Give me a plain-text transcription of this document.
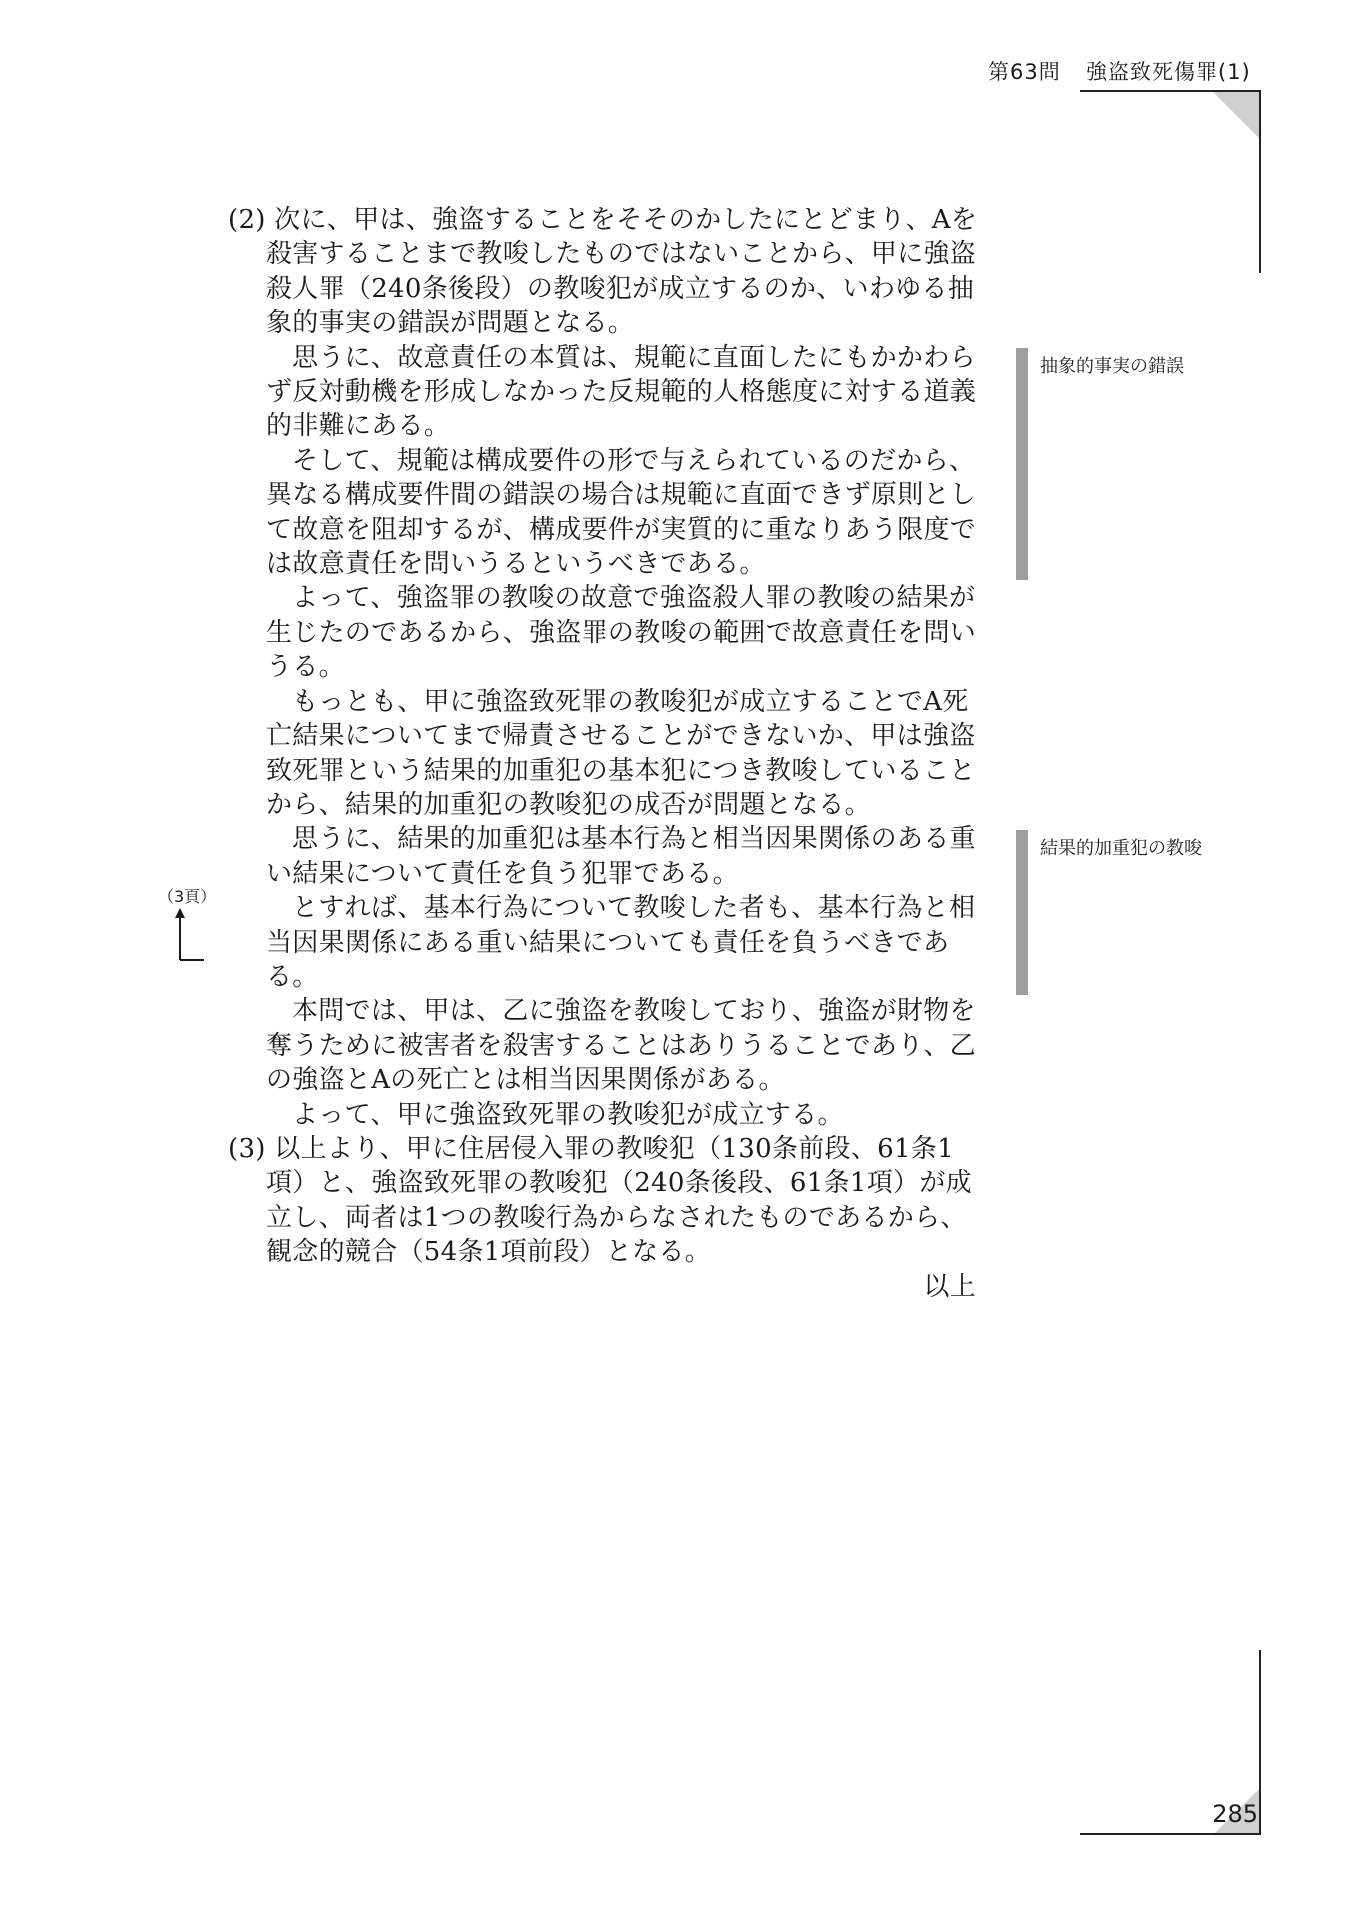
第63問 強盗致死傷罪(1)

(2) 次に、甲は、強盗することをそそのかしたにとどまり、Aを殺害することまで教唆したものではないことから、甲に強盗殺人罪（240条後段）の教唆犯が成立するのか、いわゆる抽象的事実の錯誤が問題となる。

思うに、故意責任の本質は、規範に直面したにもかかわらず反対動機を形成しなかった反規範的人格態度に対する道義的非難にある。

そして、規範は構成要件の形で与えられているのだから、異なる構成要件間の錯誤の場合は規範に直面できず原則として故意を阻却するが、構成要件が実質的に重なりあう限度では故意責任を問いうるというべきである。

よって、強盗罪の教唆の故意で強盗殺人罪の教唆の結果が生じたのであるから、強盗罪の教唆の範囲で故意責任を問いうる。

もっとも、甲に強盗致死罪の教唆犯が成立することでA死亡結果についてまで帰責させることができないか、甲は強盗致死罪という結果的加重犯の基本犯につき教唆していることから、結果的加重犯の教唆犯の成否が問題となる。

思うに、結果的加重犯は基本行為と相当因果関係のある重い結果について責任を負う犯罪である。

とすれば、基本行為について教唆した者も、基本行為と相当因果関係にある重い結果についても責任を負うべきである。

本問では、甲は、乙に強盗を教唆しており、強盗が財物を奪うために被害者を殺害することはありうることであり、乙の強盗とAの死亡とは相当因果関係がある。

よって、甲に強盗致死罪の教唆犯が成立する。

(3) 以上より、甲に住居侵入罪の教唆犯（130条前段、61条1項）と、強盗致死罪の教唆犯（240条後段、61条1項）が成立し、両者は1つの教唆行為からなされたものであるから、観念的競合（54条1項前段）となる。

以上

抽象的事実の錯誤
結果的加重犯の教唆
（3頁）
285
